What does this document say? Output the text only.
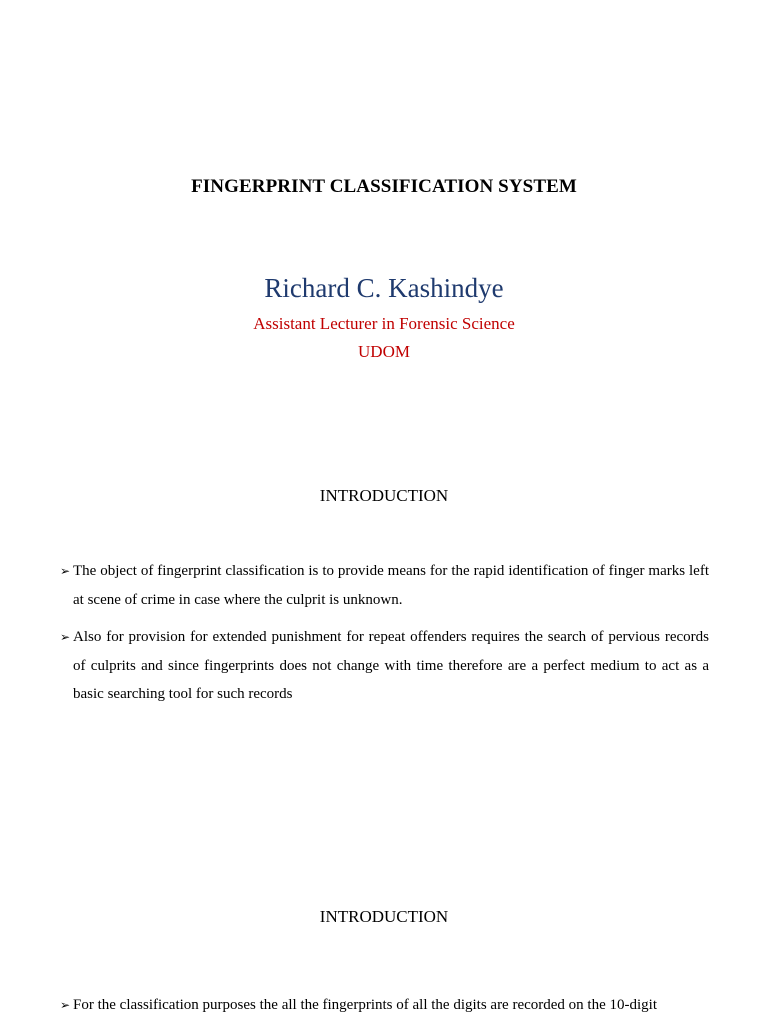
FINGERPRINT CLASSIFICATION SYSTEM
Richard C. Kashindye
Assistant Lecturer in Forensic Science
UDOM
INTRODUCTION
➢ The object of fingerprint classification is to provide means for the rapid identification of finger marks left at scene of crime in case where the culprit is unknown.
➢ Also for provision for extended punishment for repeat offenders requires the search of pervious records of culprits and since fingerprints does not change with time therefore are a perfect medium to act as a basic searching tool for such records
INTRODUCTION
➢ For the classification purposes the all the fingerprints of all the digits are recorded on the 10-digit
